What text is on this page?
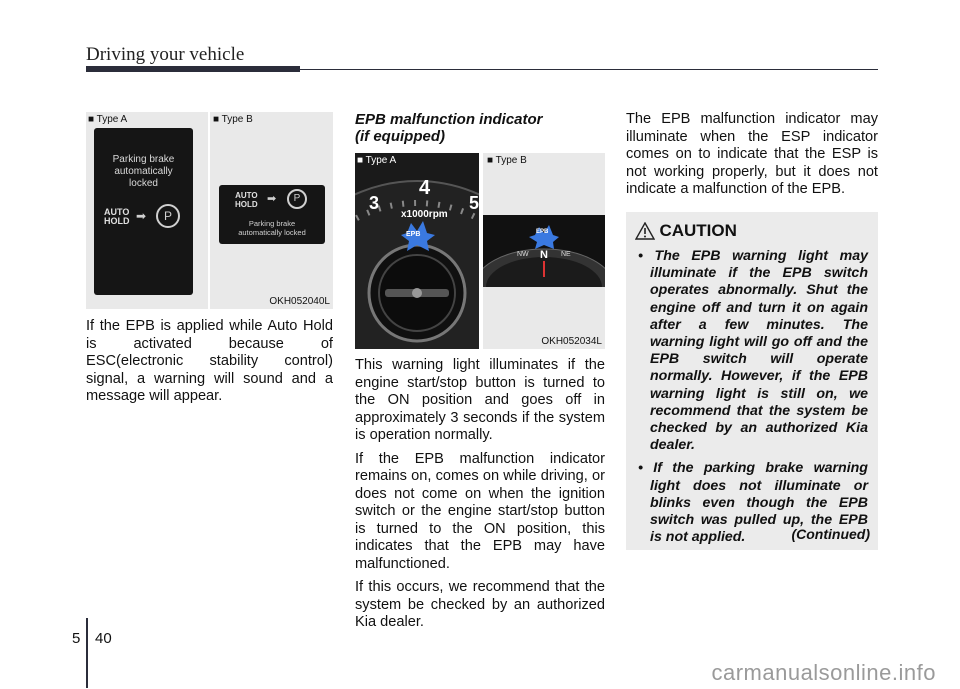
Driving your vehicle
■ Type A	■ Type B
Parking brake
automatically
locked
AUTO
HOLD ➡	P
AUTO
HOLD ➡	P
Parking brake
automatically locked
OKH052040L

If the EPB is applied while Auto Hold is activated because of ESC(electronic stability control) signal, a warning will sound and a message will appear.

EPB malfunction indicator
(if equipped)
3
4
5
x1000rpm
EPB
■ Type A	■ Type B
EPB
NW N NE
OKH052034L

This warning light illuminates if the engine start/stop button is turned to the ON position and goes off in approximately 3 seconds if the system is operation normally.

If the EPB malfunction indicator remains on, comes on while driving, or does not come on when the ignition switch or the engine start/stop button is turned to the ON position, this indicates that the EPB may have malfunctioned.

If this occurs, we recommend that the system be checked by an authorized Kia dealer.

The EPB malfunction indicator may illuminate when the ESP indicator comes on to indicate that the ESP is not working properly, but it does not indicate a malfunction of the EPB.

CAUTION
• The EPB warning light may illuminate if the EPB switch operates abnormally. Shut the engine off and turn it on again after a few minutes. The warning light will go off and the EPB switch will operate normally. However, if the EPB warning light is still on, we recommend that the system be checked by an authorized Kia dealer.
• If the parking brake warning light does not illuminate or blinks even though the EPB switch was pulled up, the EPB is not applied.	(Continued)
5 40
carmanualsonline.info
